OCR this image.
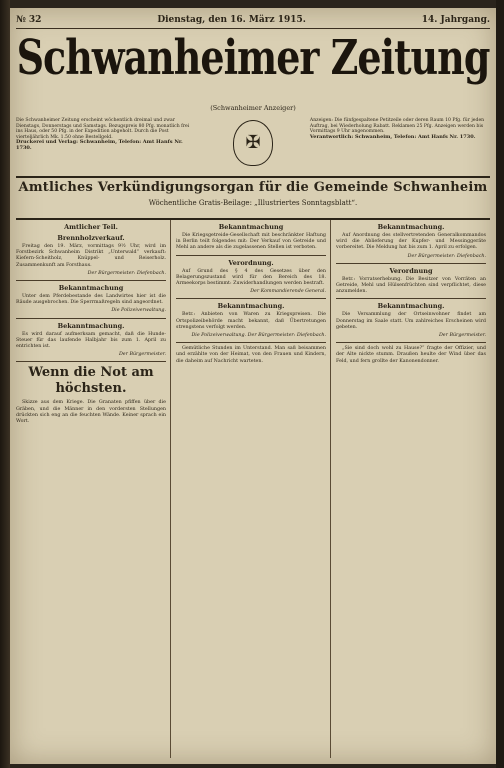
№ 32	Dienstag, den 16. März 1915.	14. Jahrgang.
Schwanheimer Zeitung
(Schwanheimer Anzeiger)
Die Schwanheimer Zeitung erscheint wöchentlich dreimal und zwar Dienstags, Donnerstags und Samstags. Bezugspreis 80 Pfg. monatlich frei ins Haus, oder 50 Pfg. in der Expedition abgeholt. Durch die Post vierteljährlich Mk. 1.50 ohne Bestellgeld.
Druckerei und Verlag: Schwanheim, Telefon: Amt Hanfs Nr. 1730.	✠
Anzeigen: Die fünfgespaltene Petitzeile oder deren Raum 10 Pfg. für jeden Auftrag, bei Wiederholung Rabatt. Reklamen 25 Pfg. Anzeigen werden bis Vormittags 9 Uhr angenommen.
Verantwortlich: Schwanheim, Telefon: Amt Hanfs Nr. 1730.
Amtliches Verkündigungsorgan für die Gemeinde Schwanheim
Wöchentliche Gratis-Beilage: „Illustriertes Sonntagsblatt“.
Amtlicher Teil.
Brennholzverkauf.

Freitag den 19. März, vormittags 9½ Uhr, wird im Forstbezirk Schwanheim Distrikt „Unterwald“ verkauft: Kiefern-Scheitholz, Knüppel- und Reiserholz. Zusammenkunft am Forsthaus.

Der Bürgermeister: Diefenbach.
Bekanntmachung

Unter dem Pferdebestande des Landwirtes hier ist die Räude ausgebrochen. Die Sperrmaßregeln sind angeordnet.

Die Polizeiverwaltung.
Bekanntmachung.

Es wird darauf aufmerksam gemacht, daß die Hunde-Steuer für das laufende Halbjahr bis zum 1. April zu entrichten ist.

Der Bürgermeister.
Wenn die Not am höchsten.

Skizze aus dem Kriege. Die Granaten pfiffen über die Gräben, und die Männer in den vordersten Stellungen drückten sich eng an die feuchten Wände. Keiner sprach ein Wort.

Bekanntmachung

Die Kriegsgetreide-Gesellschaft mit beschränkter Haftung in Berlin teilt folgendes mit: Der Verkauf von Getreide und Mehl an andere als die zugelassenen Stellen ist verboten.

Verordnung.

Auf Grund des § 4 des Gesetzes über den Belagerungszustand wird für den Bereich des 18. Armeekorps bestimmt: Zuwiderhandlungen werden bestraft.

Der Kommandierende General.
Bekanntmachung.

Betr.: Anbieten von Waren zu Kriegspreisen. Die Ortspolizeibehörde macht bekannt, daß Übertretungen strengstens verfolgt werden.

Die Polizeiverwaltung. Der Bürgermeister: Diefenbach.

Gemütliche Stunden im Unterstand. Man saß beisammen und erzählte von der Heimat, von den Frauen und Kindern, die daheim auf Nachricht warteten.

Bekanntmachung.

Auf Anordnung des stellvertretenden Generalkommandos wird die Ablieferung der Kupfer- und Messinggeräte vorbereitet. Die Meldung hat bis zum 1. April zu erfolgen.

Der Bürgermeister: Diefenbach.
Verordnung

Betr.: Vorratserhebung. Die Besitzer von Vorräten an Getreide, Mehl und Hülsenfrüchten sind verpflichtet, diese anzumelden.

Bekanntmachung.

Die Versammlung der Ortseinwohner findet am Donnerstag im Saale statt. Um zahlreiches Erscheinen wird gebeten.

Der Bürgermeister.

„Sie sind doch wohl zu Hause?“ fragte der Offizier, und der Alte nickte stumm. Draußen heulte der Wind über das Feld, und fern grollte der Kanonendonner.
